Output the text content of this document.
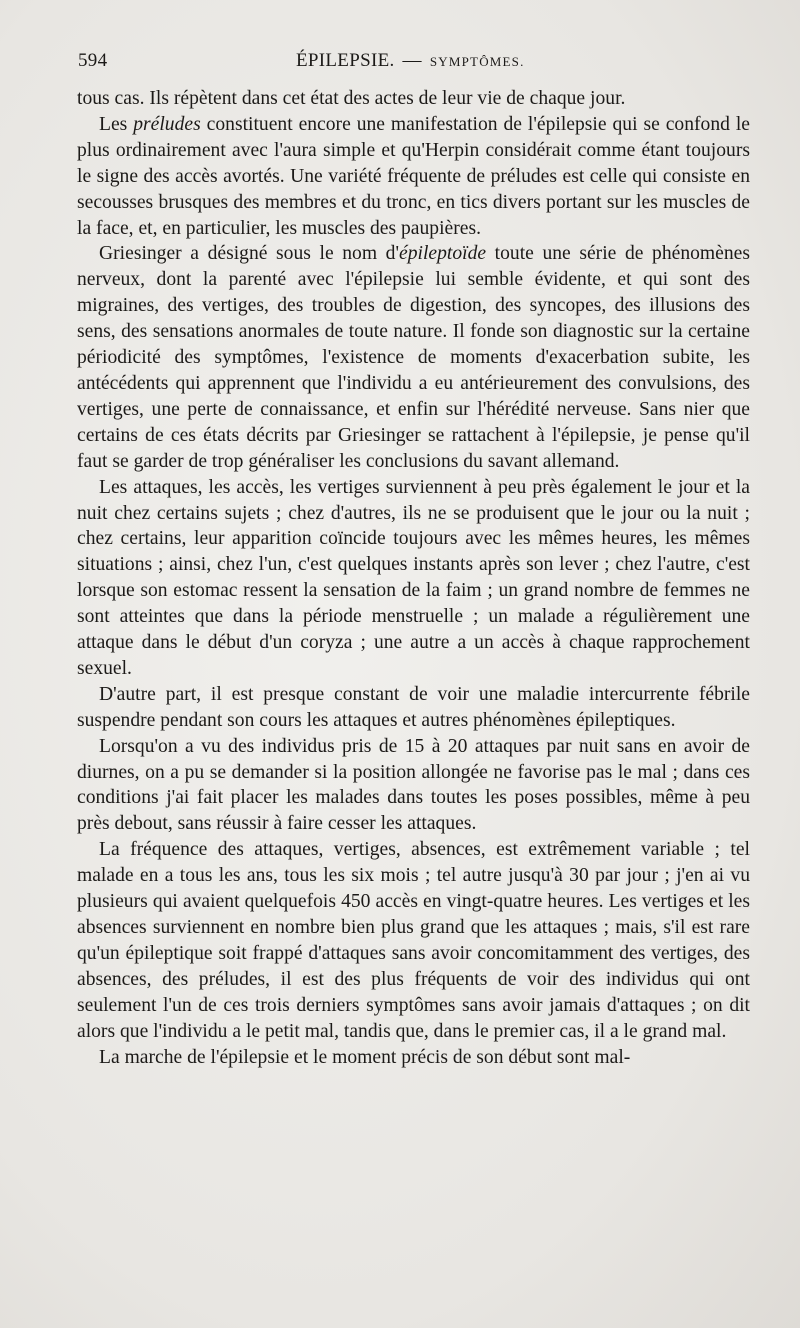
594	ÉPILEPSIE. — SYMPTÔMES.

tous cas. Ils répètent dans cet état des actes de leur vie de chaque jour.

Les préludes constituent encore une manifestation de l'épilepsie qui se confond le plus ordinairement avec l'aura simple et qu'Herpin considérait comme étant toujours le signe des accès avortés. Une variété fréquente de préludes est celle qui consiste en secousses brusques des membres et du tronc, en tics divers portant sur les muscles de la face, et, en particulier, les muscles des paupières.

Griesinger a désigné sous le nom d'épileptoïde toute une série de phénomènes nerveux, dont la parenté avec l'épilepsie lui semble évidente, et qui sont des migraines, des vertiges, des troubles de digestion, des syncopes, des illusions des sens, des sensations anormales de toute nature. Il fonde son diagnostic sur la certaine périodicité des symptômes, l'existence de moments d'exacerbation subite, les antécédents qui apprennent que l'individu a eu antérieurement des convulsions, des vertiges, une perte de connaissance, et enfin sur l'hérédité nerveuse. Sans nier que certains de ces états décrits par Griesinger se rattachent à l'épilepsie, je pense qu'il faut se garder de trop généraliser les conclusions du savant allemand.

Les attaques, les accès, les vertiges surviennent à peu près également le jour et la nuit chez certains sujets ; chez d'autres, ils ne se produisent que le jour ou la nuit ; chez certains, leur apparition coïncide toujours avec les mêmes heures, les mêmes situations ; ainsi, chez l'un, c'est quelques instants après son lever ; chez l'autre, c'est lorsque son estomac ressent la sensation de la faim ; un grand nombre de femmes ne sont atteintes que dans la période menstruelle ; un malade a régulièrement une attaque dans le début d'un coryza ; une autre a un accès à chaque rapprochement sexuel.

D'autre part, il est presque constant de voir une maladie intercurrente fébrile suspendre pendant son cours les attaques et autres phénomènes épileptiques.

Lorsqu'on a vu des individus pris de 15 à 20 attaques par nuit sans en avoir de diurnes, on a pu se demander si la position allongée ne favorise pas le mal ; dans ces conditions j'ai fait placer les malades dans toutes les poses possibles, même à peu près debout, sans réussir à faire cesser les attaques.

La fréquence des attaques, vertiges, absences, est extrêmement variable ; tel malade en a tous les ans, tous les six mois ; tel autre jusqu'à 30 par jour ; j'en ai vu plusieurs qui avaient quelquefois 450 accès en vingt-quatre heures. Les vertiges et les absences surviennent en nombre bien plus grand que les attaques ; mais, s'il est rare qu'un épileptique soit frappé d'attaques sans avoir concomitamment des vertiges, des absences, des préludes, il est des plus fréquents de voir des individus qui ont seulement l'un de ces trois derniers symptômes sans avoir jamais d'attaques ; on dit alors que l'individu a le petit mal, tandis que, dans le premier cas, il a le grand mal.

La marche de l'épilepsie et le moment précis de son début sont mal-
